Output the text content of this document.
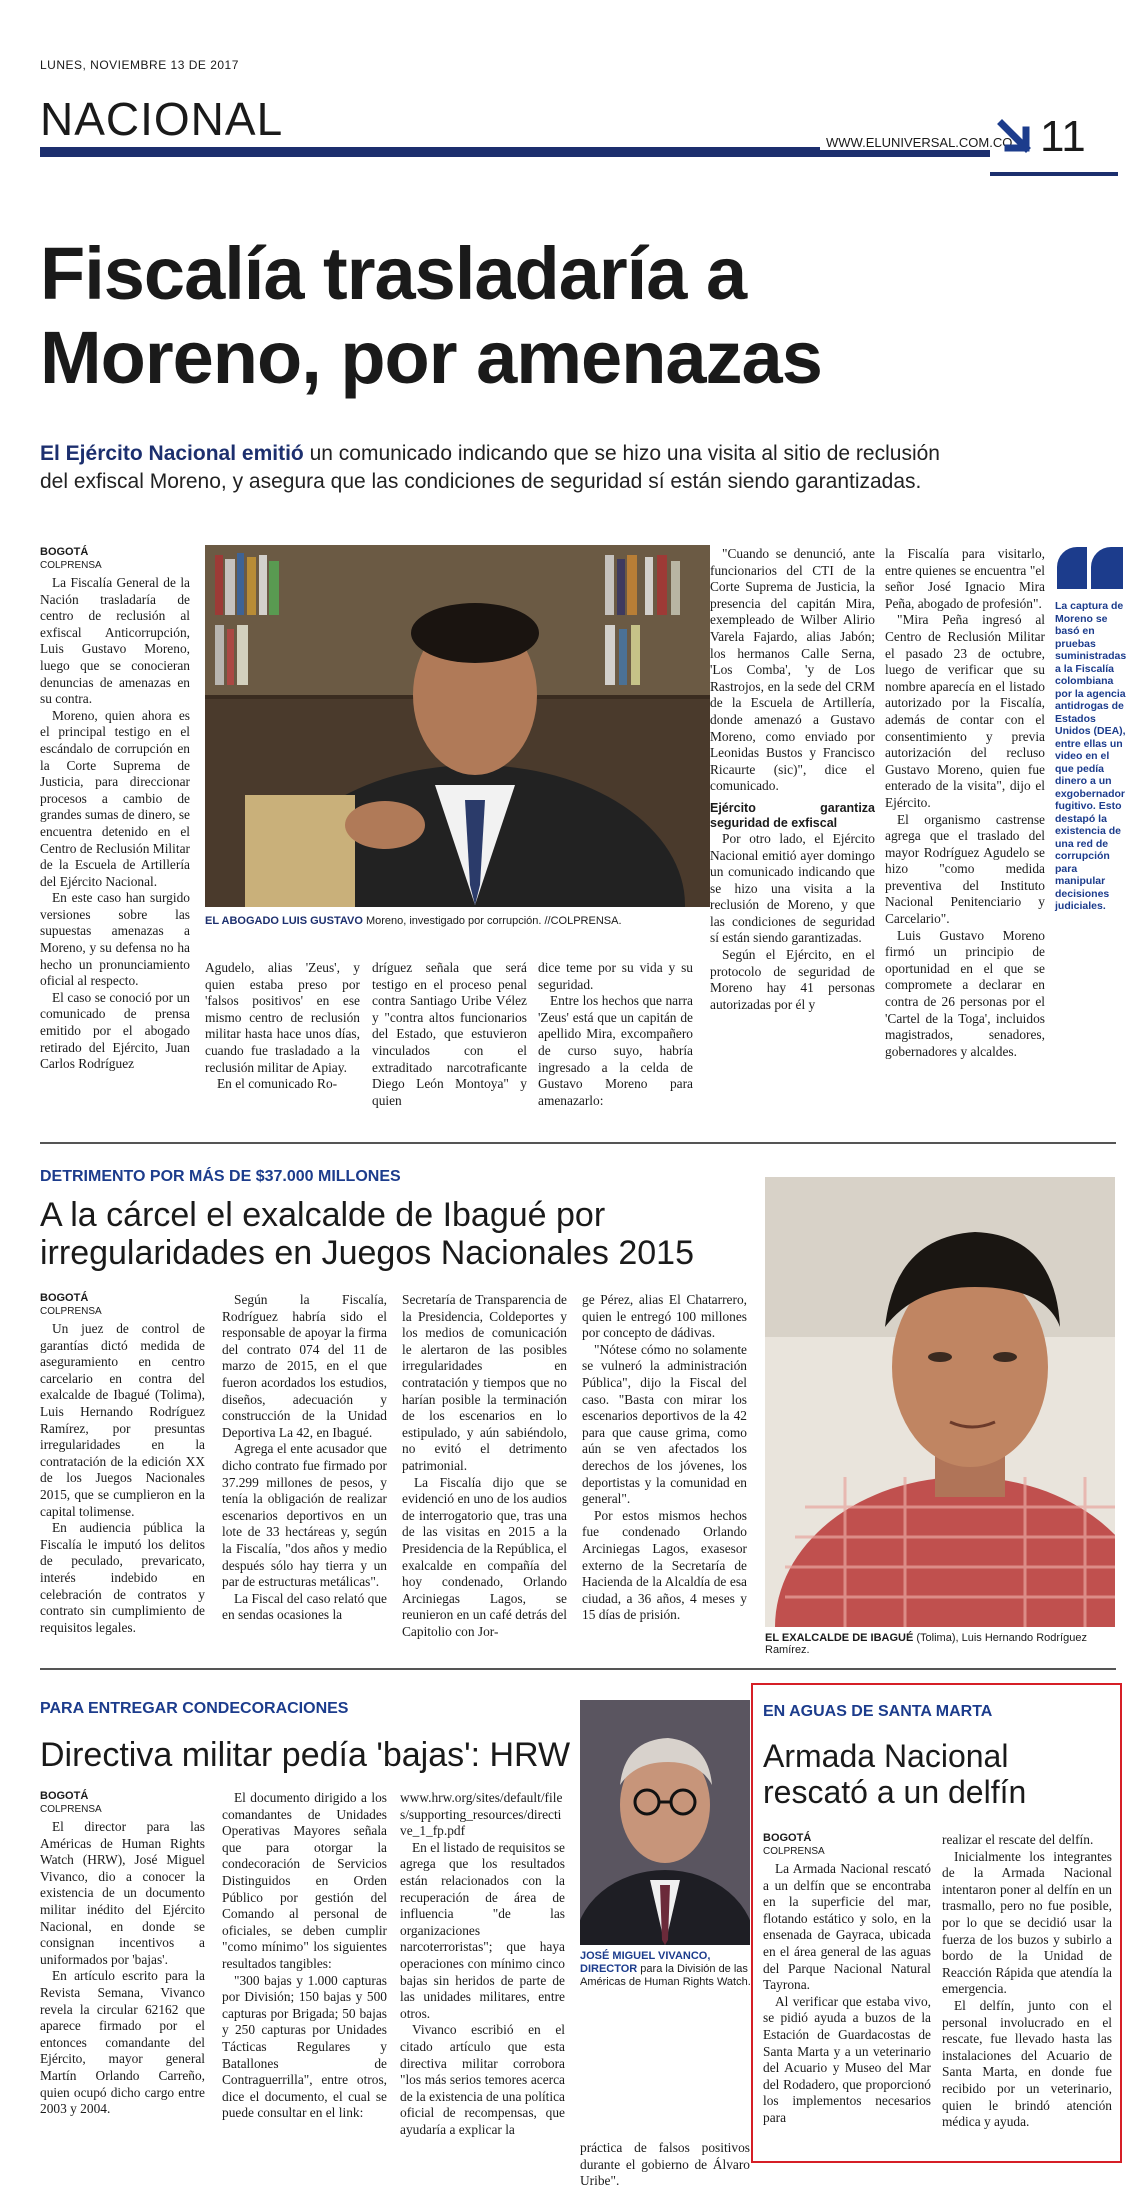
LUNES, NOVIEMBRE 13 DE 2017
NACIONAL	WWW.ELUNIVERSAL.COM.CO 11
Fiscalía trasladaría a Moreno, por amenazas
El Ejército Nacional emitió un comunicado indicando que se hizo una visita al sitio de reclusión del exfiscal Moreno, y asegura que las condiciones de seguridad sí están siendo garantizadas.
BOGOTÁ
COLPRENSA

La Fiscalía General de la Nación trasladaría de centro de reclusión al exfiscal Anticorrupción, Luis Gustavo Moreno, luego que se conocieran denuncias de amenazas en su contra.

Moreno, quien ahora es el principal testigo en el escándalo de corrupción en la Corte Suprema de Justicia, para direccionar procesos a cambio de grandes sumas de dinero, se encuentra detenido en el Centro de Reclusión Militar de la Escuela de Artillería del Ejército Nacional.

En este caso han surgido versiones sobre las supuestas amenazas a Moreno, y su defensa no ha hecho un pronunciamiento oficial al respecto.

El caso se conoció por un comunicado de prensa emitido por el abogado retirado del Ejército, Juan Carlos Rodríguez

EL ABOGADO LUIS GUSTAVO Moreno, investigado por corrupción. //COLPRENSA.

Agudelo, alias 'Zeus', y quien estaba preso por 'falsos positivos' en ese mismo centro de reclusión militar hasta hace unos días, cuando fue trasladado a la reclusión militar de Apiay.

En el comunicado Ro-

dríguez señala que será testigo en el proceso penal contra Santiago Uribe Vélez y "contra altos funcionarios del Estado, que estuvieron vinculados con el extraditado narcotraficante Diego León Montoya" y quien

dice teme por su vida y su seguridad.

Entre los hechos que narra 'Zeus' está que un capitán de apellido Mira, excompañero de curso suyo, habría ingresado a la celda de Gustavo Moreno para amenazarlo:

"Cuando se denunció, ante funcionarios del CTI de la Corte Suprema de Justicia, la presencia del capitán Mira, exempleado de Wilber Alirio Varela Fajardo, alias Jabón; los hermanos Calle Serna, 'Los Comba', 'y de Los Rastrojos, en la sede del CRM de la Escuela de Artillería, donde amenazó a Gustavo Moreno, como enviado por Leonidas Bustos y Francisco Ricaurte (sic)", dice el comunicado.

Ejército garantiza seguridad de exfiscal

Por otro lado, el Ejército Nacional emitió ayer domingo un comunicado indicando que se hizo una visita a la reclusión de Moreno, y que las condiciones de seguridad sí están siendo garantizadas.

Según el Ejército, en el protocolo de seguridad de Moreno hay 41 personas autorizadas por él y

la Fiscalía para visitarlo, entre quienes se encuentra "el señor José Ignacio Mira Peña, abogado de profesión".

"Mira Peña ingresó al Centro de Reclusión Militar el pasado 23 de octubre, luego de verificar que su nombre aparecía en el listado autorizado por la Fiscalía, además de contar con el consentimiento y previa autorización del recluso Gustavo Moreno, quien fue enterado de la visita", dijo el Ejército.

El organismo castrense agrega que el traslado del mayor Rodríguez Agudelo se hizo "como medida preventiva del Instituto Nacional Penitenciario y Carcelario".

Luis Gustavo Moreno firmó un principio de oportunidad en el que se compromete a declarar en contra de 26 personas por el 'Cartel de la Toga', incluidos magistrados, senadores, gobernadores y alcaldes.

La captura de Moreno se basó en pruebas suministradas a la Fiscalía colombiana por la agencia antidrogas de Estados Unidos (DEA), entre ellas un video en el que pedía dinero a un exgobernador fugitivo. Esto destapó la existencia de una red de corrupción para manipular decisiones judiciales.
DETRIMENTO POR MÁS DE $37.000 MILLONES
A la cárcel el exalcalde de Ibagué por irregularidades en Juegos Nacionales 2015
BOGOTÁ
COLPRENSA

Un juez de control de garantías dictó medida de aseguramiento en centro carcelario en contra del exalcalde de Ibagué (Tolima), Luis Hernando Rodríguez Ramírez, por presuntas irregularidades en la contratación de la edición XX de los Juegos Nacionales 2015, que se cumplieron en la capital tolimense.

En audiencia pública la Fiscalía le imputó los delitos de peculado, prevaricato, interés indebido en celebración de contratos y contrato sin cumplimiento de requisitos legales.

Según la Fiscalía, Rodríguez habría sido el responsable de apoyar la firma del contrato 074 del 11 de marzo de 2015, en el que fueron acordados los estudios, diseños, adecuación y construcción de la Unidad Deportiva La 42, en Ibagué.

Agrega el ente acusador que dicho contrato fue firmado por 37.299 millones de pesos, y tenía la obligación de realizar escenarios deportivos en un lote de 33 hectáreas y, según la Fiscalía, "dos años y medio después sólo hay tierra y un par de estructuras metálicas".

La Fiscal del caso relató que en sendas ocasiones la

Secretaría de Transparencia de la Presidencia, Coldeportes y los medios de comunicación le alertaron de las posibles irregularidades en contratación y tiempos que no harían posible la terminación de los escenarios en lo estipulado, y aún sabiéndolo, no evitó el detrimento patrimonial.

La Fiscalía dijo que se evidenció en uno de los audios de interrogatorio que, tras una de las visitas en 2015 a la Presidencia de la República, el exalcalde en compañía del hoy condenado, Orlando Arciniegas Lagos, se reunieron en un café detrás del Capitolio con Jor-

ge Pérez, alias El Chatarrero, quien le entregó 100 millones por concepto de dádivas.

"Nótese cómo no solamente se vulneró la administración Pública", dijo la Fiscal del caso. "Basta con mirar los escenarios deportivos de la 42 para que cause grima, como aún se ven afectados los derechos de los jóvenes, los deportistas y la comunidad en general".

Por estos mismos hechos fue condenado Orlando Arciniegas Lagos, exasesor externo de la Secretaría de Hacienda de la Alcaldía de esa ciudad, a 36 años, 4 meses y 15 días de prisión.

EL EXALCALDE DE IBAGUÉ (Tolima), Luis Hernando Rodríguez Ramírez.
PARA ENTREGAR CONDECORACIONES
Directiva militar pedía 'bajas': HRW
BOGOTÁ
COLPRENSA

El director para las Américas de Human Rights Watch (HRW), José Miguel Vivanco, dio a conocer la existencia de un documento militar inédito del Ejército Nacional, en donde se consignan incentivos a uniformados por 'bajas'.

En artículo escrito para la Revista Semana, Vivanco revela la circular 62162 que aparece firmado por el entonces comandante del Ejército, mayor general Martín Orlando Carreño, quien ocupó dicho cargo entre 2003 y 2004.

El documento dirigido a los comandantes de Unidades Operativas Mayores señala que para otorgar la condecoración de Servicios Distinguidos en Orden Público por gestión del Comando al personal de oficiales, se deben cumplir "como mínimo" los siguientes resultados tangibles:

"300 bajas y 1.000 capturas por División; 150 bajas y 500 capturas por Brigada; 50 bajas y 250 capturas por Unidades Tácticas Regulares y Batallones de Contraguerrilla", entre otros, dice el documento, el cual se puede consultar en el link:

www.hrw.org/sites/default/files/supporting_resources/directive_1_fp.pdf

En el listado de requisitos se agrega que los resultados están relacionados con la recuperación de área de influencia "de las organizaciones narcoterroristas"; que haya operaciones con mínimo cinco bajas sin heridos de parte de las unidades militares, entre otros.

Vivanco escribió en el citado artículo que esta directiva militar corrobora "los más serios temores acerca de la existencia de una política oficial de recompensas, que ayudaría a explicar la

JOSÉ MIGUEL VIVANCO, DIRECTOR para la División de las Américas de Human Rights Watch.

práctica de falsos positivos durante el gobierno de Álvaro Uribe".

EN AGUAS DE SANTA MARTA
Armada Nacional rescató a un delfín
BOGOTÁ
COLPRENSA

La Armada Nacional rescató a un delfín que se encontraba en la superficie del mar, flotando estático y solo, en la ensenada de Gayraca, ubicada en el área general de las aguas del Parque Nacional Natural Tayrona.

Al verificar que estaba vivo, se pidió ayuda a buzos de la Estación de Guardacostas de Santa Marta y a un veterinario del Acuario y Museo del Mar del Rodadero, que proporcionó los implementos necesarios para

realizar el rescate del delfín.

Inicialmente los integrantes de la Armada Nacional intentaron poner al delfín en un trasmallo, pero no fue posible, por lo que se decidió usar la fuerza de los buzos y subirlo a bordo de la Unidad de Reacción Rápida que atendía la emergencia.

El delfín, junto con el personal involucrado en el rescate, fue llevado hasta las instalaciones del Acuario de Santa Marta, en donde fue recibido por un veterinario, quien le brindó atención médica y ayuda.
